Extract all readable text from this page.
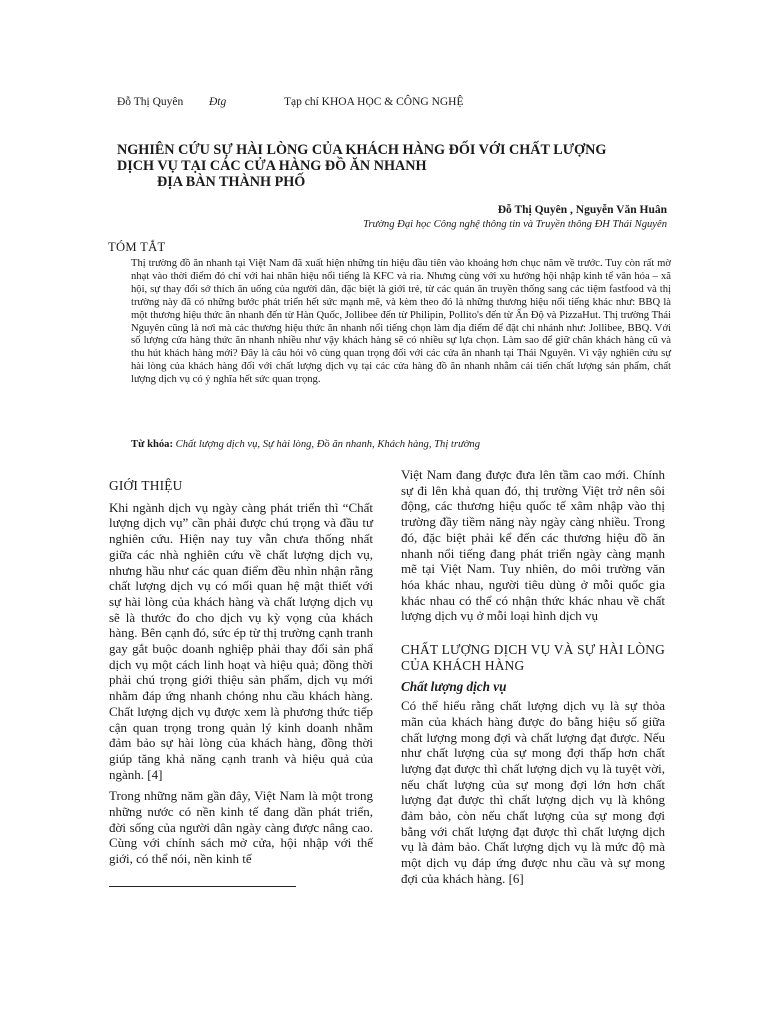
Đỗ Thị Quyên Đtg	Tạp chí KHOA HỌC & CÔNG NGHỆ
NGHIÊN CỨU SỰ HÀI LÒNG CỦA KHÁCH HÀNG ĐỐI VỚI CHẤT LƯỢNG
DỊCH VỤ TẠI CÁC CỬA HÀNG ĐỒ ĂN NHANH
ĐỊA BÀN THÀNH PHỐ
Đỗ Thị Quyên , Nguyễn Văn Huân
Trường Đại học Công nghệ thông tin và Truyền thông ĐH Thái Nguyên
TÓM TẮT
Thị trường đồ ăn nhanh tại Việt Nam đã xuất hiện những tín hiệu đầu tiên vào khoảng hơn chục năm về trước. Tuy còn rất mờ nhạt vào thời điểm đó chỉ với hai nhãn hiệu nổi tiếng là KFC và ria. Nhưng cùng với xu hướng hội nhập kinh tế văn hóa – xã hội, sự thay đổi sở thích ăn uống của người dân, đặc biệt là giới trẻ, từ các quán ăn truyền thống sang các tiệm fastfood và thị trường này đã có những bước phát triển hết sức mạnh mẽ, và kèm theo đó là những thương hiệu nổi tiếng khác như: BBQ là một thương hiệu thức ăn nhanh đến từ Hàn Quốc, Jollibee đến từ Philipin, Pollito's đến từ Ấn Độ và PizzaHut. Thị trường Thái Nguyên cũng là nơi mà các thương hiệu thức ăn nhanh nổi tiếng chọn làm địa điểm để đặt chi nhánh như: Jollibee, BBQ. Với số lượng cửa hàng thức ăn nhanh nhiều như vậy khách hàng sẽ có nhiều sự lựa chọn. Làm sao để giữ chân khách hàng cũ và thu hút khách hàng mới? Đây là câu hỏi vô cùng quan trọng đối với các cửa ăn nhanh tại Thái Nguyên. Vì vậy nghiên cứu sự hài lòng của khách hàng đối với chất lượng dịch vụ tại các cửa hàng đồ ăn nhanh nhằm cải tiến chất lượng sản phẩm, chất lượng dịch vụ có ý nghĩa hết sức quan trọng.
Từ khóa: Chất lượng dịch vụ, Sự hài lòng, Đồ ăn nhanh, Khách hàng, Thị trường
GIỚI THIỆU

Khi ngành dịch vụ ngày càng phát triển thì “Chất lượng dịch vụ” cần phải được chú trọng và đầu tư nghiên cứu. Hiện nay tuy vẫn chưa thống nhất giữa các nhà nghiên cứu về chất lượng dịch vụ, nhưng hầu như các quan điểm đều nhìn nhận rằng chất lượng dịch vụ có mối quan hệ mật thiết với sự hài lòng của khách hàng và chất lượng dịch vụ sẽ là thước đo cho dịch vụ kỳ vọng của khách hàng. Bên cạnh đó, sức ép từ thị trường cạnh tranh gay gắt buộc doanh nghiệp phải thay đổi sản phẩ dịch vụ một cách linh hoạt và hiệu quả; đồng thời phải chú trọng giới thiệu sản phẩm, dịch vụ mới nhằm đáp ứng nhanh chóng nhu cầu khách hàng. Chất lượng dịch vụ được xem là phương thức tiếp cận quan trọng trong quản lý kinh doanh nhằm đảm bảo sự hài lòng của khách hàng, đồng thời giúp tăng khả năng cạnh tranh và hiệu quả của ngành. [4]

Trong những năm gần đây, Việt Nam là một trong những nước có nền kinh tế đang dần phát triển, đời sống của người dân ngày càng được nâng cao. Cùng với chính sách mở cửa, hội nhập với thế giới, có thể nói, nền kinh tế

Việt Nam đang được đưa lên tầm cao mới. Chính sự đi lên khả quan đó, thị trường Việt trở nên sôi động, các thương hiệu quốc tế xâm nhập vào thị trường đầy tiềm năng này ngày càng nhiều. Trong đó, đặc biệt phải kể đến các thương hiệu đồ ăn nhanh nổi tiếng đang phát triển ngày càng mạnh mẽ tại Việt Nam. Tuy nhiên, do môi trường văn hóa khác nhau, người tiêu dùng ở mỗi quốc gia khác nhau có thể có nhận thức khác nhau về chất lượng dịch vụ ở mỗi loại hình dịch vụ

CHẤT LƯỢNG DỊCH VỤ VÀ SỰ HÀI LÒNG CỦA KHÁCH HÀNG
Chất lượng dịch vụ

Có thể hiểu rằng chất lượng dịch vụ là sự thỏa mãn của khách hàng được đo bằng hiệu số giữa chất lượng mong đợi và chất lượng đạt được. Nếu như chất lượng của sự mong đợi thấp hơn chất lượng đạt được thì chất lượng dịch vụ là tuyệt vời, nếu chất lượng của sự mong đợi lớn hơn chất lượng đạt được thì chất lượng dịch vụ là không đảm bảo, còn nếu chất lượng của sự mong đợi bằng với chất lượng đạt được thì chất lượng dịch vụ là đảm bảo. Chất lượng dịch vụ là mức độ mà một dịch vụ đáp ứng được nhu cầu và sự mong đợi của khách hàng. [6]
